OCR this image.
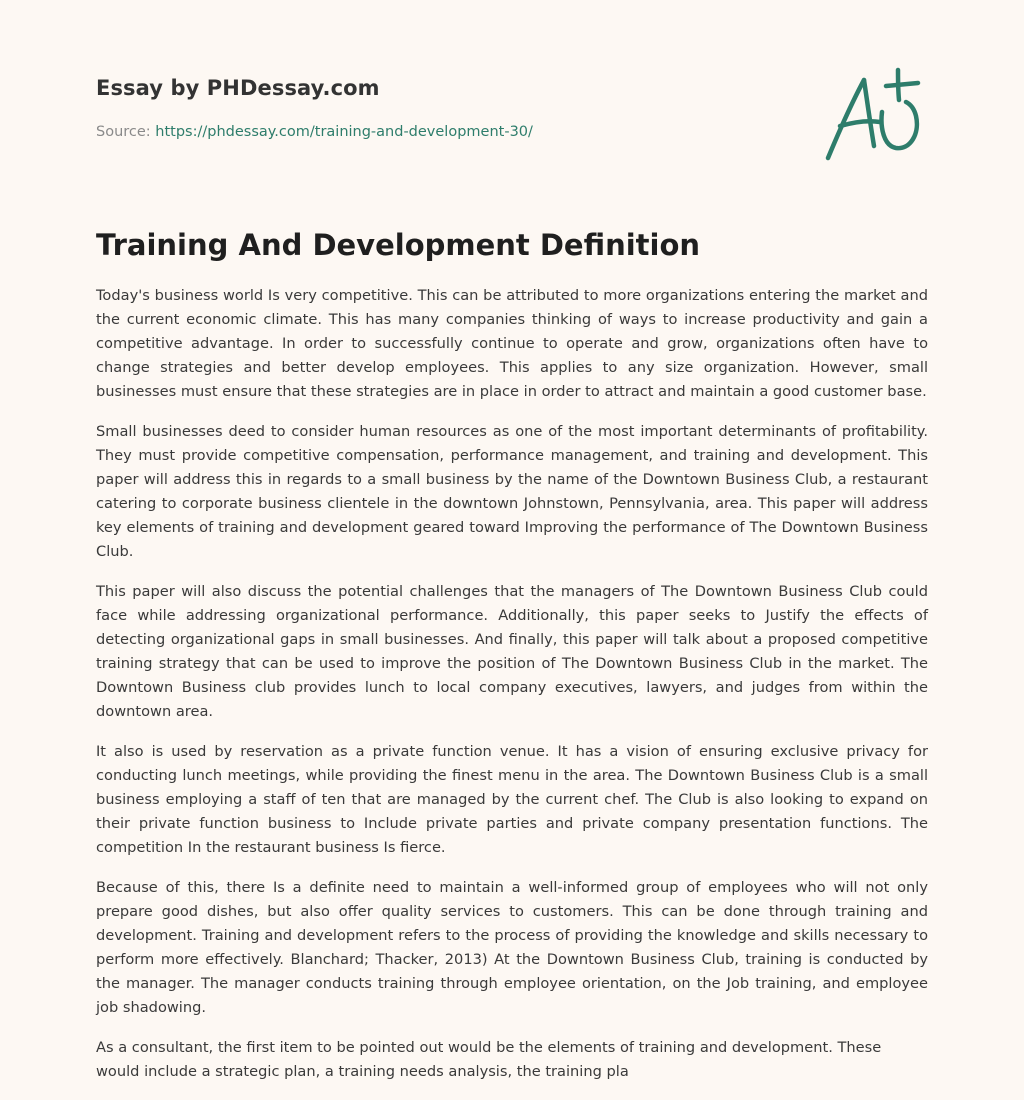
Essay by PHDessay.com
Source: https://phdessay.com/training-and-development-30/
Training And Development Definition

Today's business world Is very competitive. This can be attributed to more organizations entering the market and the current economic climate. This has many companies thinking of ways to increase productivity and gain a competitive advantage. In order to successfully continue to operate and grow, organizations often have to change strategies and better develop employees. This applies to any size organization. However, small businesses must ensure that these strategies are in place in order to attract and maintain a good customer base.

Small businesses deed to consider human resources as one of the most important determinants of profitability. They must provide competitive compensation, performance management, and training and development. This paper will address this in regards to a small business by the name of the Downtown Business Club, a restaurant catering to corporate business clientele in the downtown Johnstown, Pennsylvania, area. This paper will address key elements of training and development geared toward Improving the performance of The Downtown Business Club.

This paper will also discuss the potential challenges that the managers of The Downtown Business Club could face while addressing organizational performance. Additionally, this paper seeks to Justify the effects of detecting organizational gaps in small businesses. And finally, this paper will talk about a proposed competitive training strategy that can be used to improve the position of The Downtown Business Club in the market. The Downtown Business club provides lunch to local company executives, lawyers, and judges from within the downtown area.

It also is used by reservation as a private function venue. It has a vision of ensuring exclusive privacy for conducting lunch meetings, while providing the finest menu in the area. The Downtown Business Club is a small business employing a staff of ten that are managed by the current chef. The Club is also looking to expand on their private function business to Include private parties and private company presentation functions. The competition In the restaurant business Is fierce.

Because of this, there Is a definite need to maintain a well-informed group of employees who will not only prepare good dishes, but also offer quality services to customers. This can be done through training and development. Training and development refers to the process of providing the knowledge and skills necessary to perform more effectively. Blanchard; Thacker, 2013) At the Downtown Business Club, training is conducted by the manager. The manager conducts training through employee orientation, on the Job training, and employee job shadowing.

As a consultant, the first item to be pointed out would be the elements of training and development. These would include a strategic plan, a training needs analysis, the training pla
